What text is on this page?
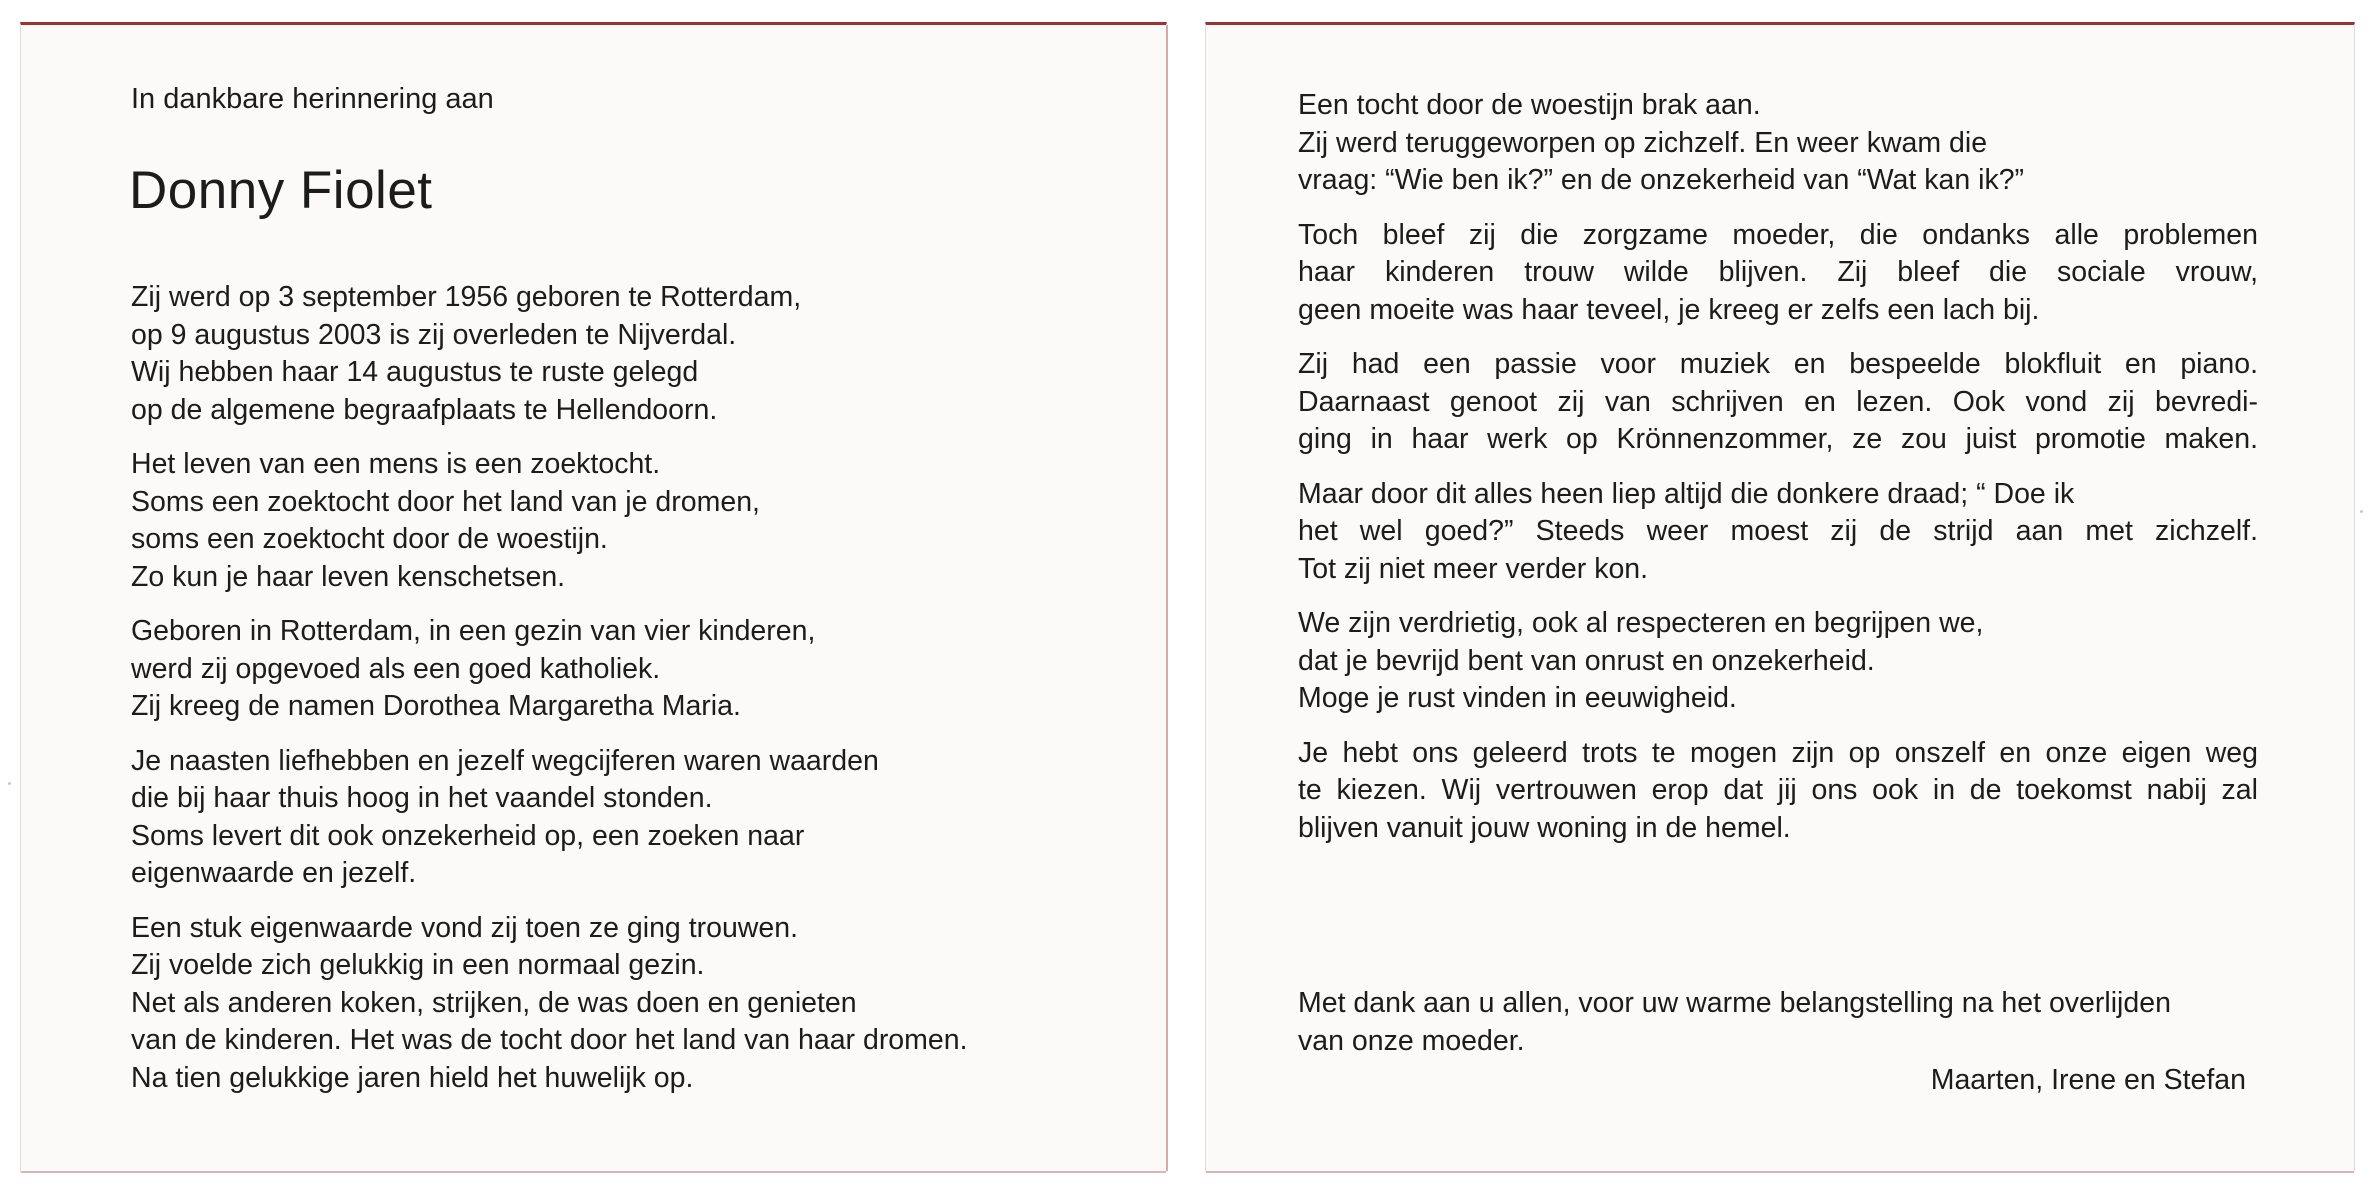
In dankbare herinnering aan
Donny Fiolet

Zij werd op 3 september 1956 geboren te Rotterdam,
op 9 augustus 2003 is zij overleden te Nijverdal.
Wij hebben haar 14 augustus te ruste gelegd
op de algemene begraafplaats te Hellendoorn.

Het leven van een mens is een zoektocht.
Soms een zoektocht door het land van je dromen,
soms een zoektocht door de woestijn.
Zo kun je haar leven kenschetsen.

Geboren in Rotterdam, in een gezin van vier kinderen,
werd zij opgevoed als een goed katholiek.
Zij kreeg de namen Dorothea Margaretha Maria.

Je naasten liefhebben en jezelf wegcijferen waren waarden
die bij haar thuis hoog in het vaandel stonden.
Soms levert dit ook onzekerheid op, een zoeken naar
eigenwaarde en jezelf.

Een stuk eigenwaarde vond zij toen ze ging trouwen.
Zij voelde zich gelukkig in een normaal gezin.
Net als anderen koken, strijken, de was doen en genieten
van de kinderen. Het was de tocht door het land van haar dromen.
Na tien gelukkige jaren hield het huwelijk op.

Een tocht door de woestijn brak aan.
Zij werd teruggeworpen op zichzelf. En weer kwam die
vraag: “Wie ben ik?” en de onzekerheid van “Wat kan ik?”

Toch bleef zij die zorgzame moeder, die ondanks alle problemen
haar kinderen trouw wilde blijven. Zij bleef die sociale vrouw,
geen moeite was haar teveel, je kreeg er zelfs een lach bij.

Zij had een passie voor muziek en bespeelde blokfluit en piano.
Daarnaast genoot zij van schrijven en lezen. Ook vond zij bevredi-
ging in haar werk op Krönnenzommer, ze zou juist promotie maken.

Maar door dit alles heen liep altijd die donkere draad; “ Doe ik
het wel goed?” Steeds weer moest zij de strijd aan met zichzelf.
Tot zij niet meer verder kon.

We zijn verdrietig, ook al respecteren en begrijpen we,
dat je bevrijd bent van onrust en onzekerheid.
Moge je rust vinden in eeuwigheid.

Je hebt ons geleerd trots te mogen zijn op onszelf en onze eigen weg
te kiezen. Wij vertrouwen erop dat jij ons ook in de toekomst nabij zal
blijven vanuit jouw woning in de hemel.

Met dank aan u allen, voor uw warme belangstelling na het overlijden
van onze moeder.
Maarten, Irene en Stefan
